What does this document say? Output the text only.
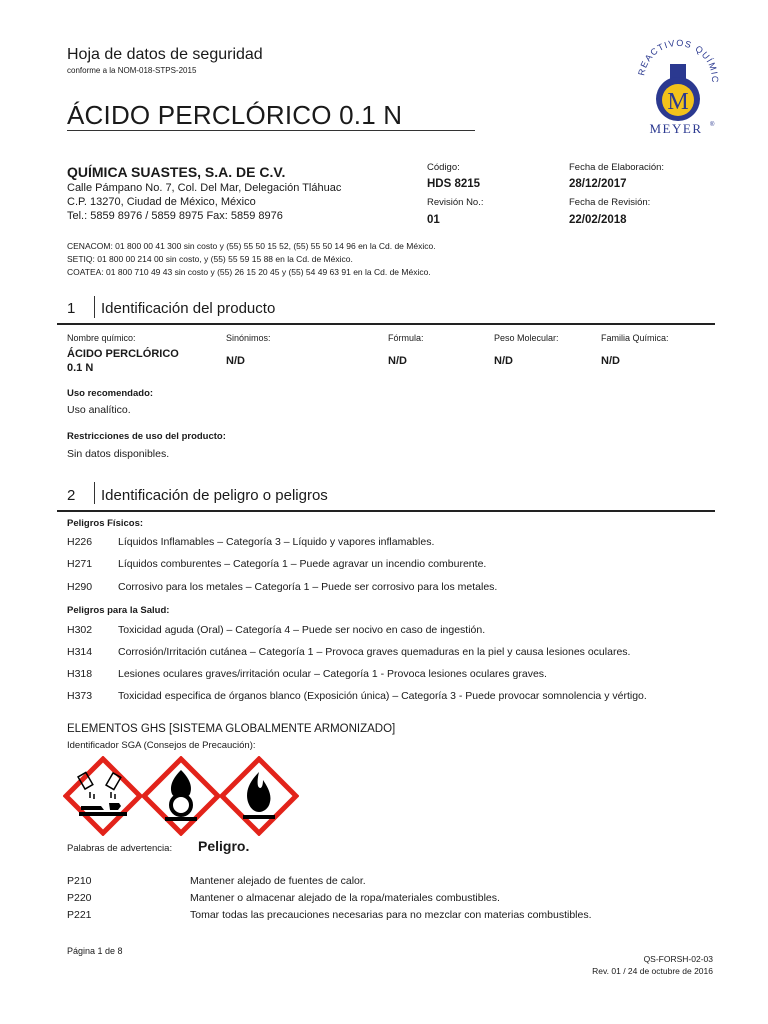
Hoja de datos de seguridad
conforme a la NOM-018-STPS-2015
ÁCIDO PERCLÓRICO 0.1 N
REACTIVOS QUÍMIC
M
MEYER ®
QUÍMICA SUASTES, S.A. DE C.V.
Calle Pámpano No. 7, Col. Del Mar, Delegación Tláhuac
C.P. 13270, Ciudad de México, México
Tel.: 5859 8976 / 5859 8975 Fax: 5859 8976
Código:
HDS 8215
Revisión No.:
01
Fecha de Elaboración:
28/12/2017
Fecha de Revisión:
22/02/2018
CENACOM: 01 800 00 41 300 sin costo y (55) 55 50 15 52, (55) 55 50 14 96 en la Cd. de México.
SETIQ: 01 800 00 214 00 sin costo, y (55) 55 59 15 88 en la Cd. de México.
COATEA: 01 800 710 49 43 sin costo y (55) 26 15 20 45 y (55) 54 49 63 91 en la Cd. de México.
1 Identificación del producto
Nombre químico:
ÁCIDO PERCLÓRICO
0.1 N
Sinónimos:
N/D
Fórmula:
N/D
Peso Molecular:
N/D
Familia Química:
N/D
Uso recomendado:
Uso analítico.
Restricciones de uso del producto:
Sin datos disponibles.
2 Identificación de peligro o peligros
Peligros Físicos:
H226 Líquidos Inflamables – Categoría 3 – Líquido y vapores inflamables.
H271 Líquidos comburentes – Categoría 1 – Puede agravar un incendio comburente.
H290 Corrosivo para los metales – Categoría 1 – Puede ser corrosivo para los metales.
Peligros para la Salud:
H302 Toxicidad aguda (Oral) – Categoría 4 – Puede ser nocivo en caso de ingestión.
H314 Corrosión/Irritación cutánea – Categoría 1 – Provoca graves quemaduras en la piel y causa lesiones oculares.
H318 Lesiones oculares graves/irritación ocular – Categoría 1 - Provoca lesiones oculares graves.
H373 Toxicidad especifica de órganos blanco (Exposición única) – Categoría 3 - Puede provocar somnolencia y vértigo.
ELEMENTOS GHS [SISTEMA GLOBALMENTE ARMONIZADO]
Identificador SGA (Consejos de Precaución):
Palabras de advertencia: Peligro.
P210	Mantener alejado de fuentes de calor.
P220	Mantener o almacenar alejado de la ropa/materiales combustibles.
P221	Tomar todas las precauciones necesarias para no mezclar con materias combustibles.
Página 1 de 8
QS-FORSH-02-03
Rev. 01 / 24 de octubre de 2016
